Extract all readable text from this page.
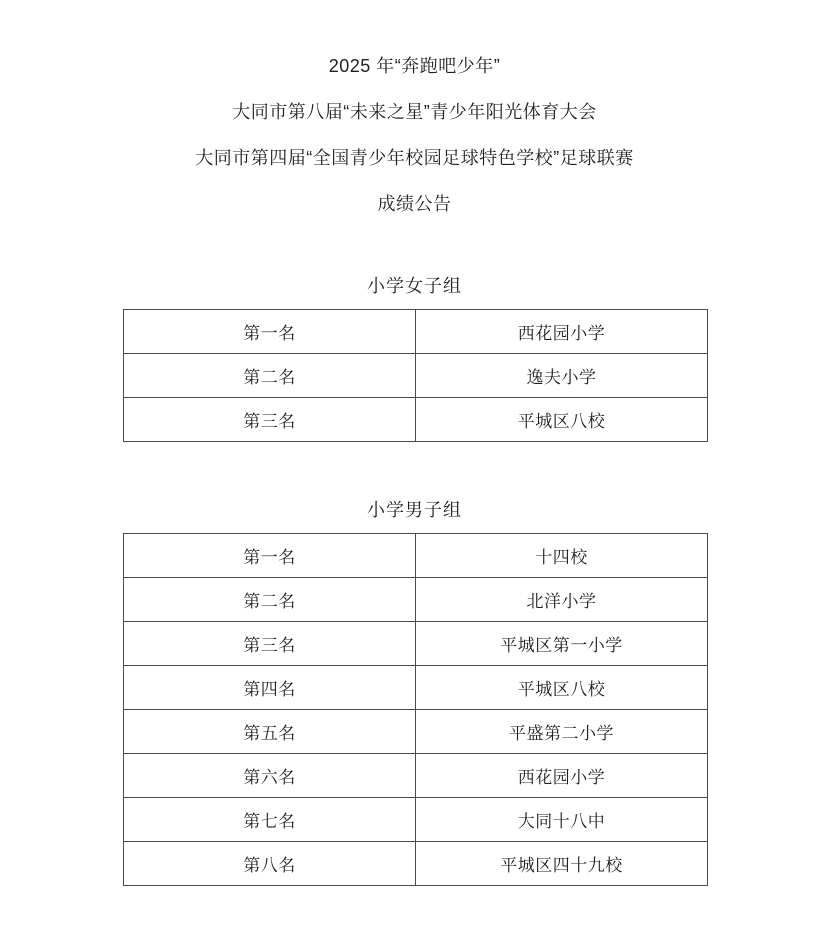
2025 年“奔跑吧少年”

大同市第八届“未来之星”青少年阳光体育大会

大同市第四届“全国青少年校园足球特色学校”足球联赛

成绩公告

小学女子组
第一名	西花园小学
第二名	逸夫小学
第三名	平城区八校
小学男子组
第一名	十四校
第二名	北洋小学
第三名	平城区第一小学
第四名	平城区八校
第五名	平盛第二小学
第六名	西花园小学
第七名	大同十八中
第八名	平城区四十九校
